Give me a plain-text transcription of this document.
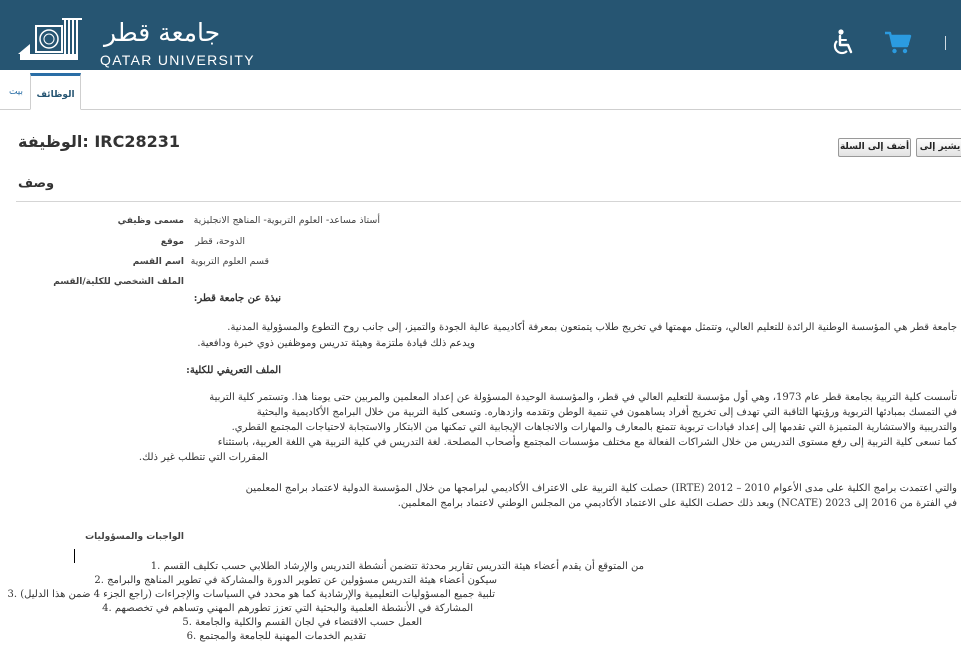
جامعة قطر
QATAR UNIVERSITY
بيت	الوظائف
الوظيفة: IRC28231	أضف إلى السلة	يشير إلى
وصف
مسمى وظيفي أستاذ مساعد- العلوم التربوية- المناهج الانجليزية
موقع الدوحة، قطر
اسم القسم قسم العلوم التربوية
الملف الشخصي للكلية/القسم
نبذة عن جامعة قطر:
جامعة قطر هي المؤسسة الوطنية الرائدة للتعليم العالي، وتتمثل مهمتها في تخريج طلاب يتمتعون بمعرفة أكاديمية عالية الجودة والتميز، إلى جانب روح التطوع والمسؤولية المدنية.
ويدعم ذلك قيادة ملتزمة وهيئة تدريس وموظفين ذوي خبرة ودافعية.
الملف التعريفي للكلية:
تأسست كلية التربية بجامعة قطر عام 1973، وهي أول مؤسسة للتعليم العالي في قطر، والمؤسسة الوحيدة المسؤولة عن إعداد المعلمين والمربين حتى يومنا هذا. وتستمر كلية التربية
في التمسك بمبادئها التربوية ورؤيتها الثاقبة التي تهدف إلى تخريج أفراد يساهمون في تنمية الوطن وتقدمه وازدهاره. وتسعى كلية التربية من خلال البرامج الأكاديمية والبحثية
والتدريبية والاستشارية المتميزة التي تقدمها إلى إعداد قيادات تربوية تتمتع بالمعارف والمهارات والاتجاهات الإيجابية التي تمكنها من الابتكار والاستجابة لاحتياجات المجتمع القطري.
كما تسعى كلية التربية إلى رفع مستوى التدريس من خلال الشراكات الفعالة مع مختلف مؤسسات المجتمع وأصحاب المصلحة. لغة التدريس في كلية التربية هي اللغة العربية، باستثناء
المقررات التي تتطلب غير ذلك.
والتي اعتمدت برامج الكلية على مدى الأعوام 2010 – 2012 (IRTE) حصلت كلية التربية على الاعتراف الأكاديمي لبرامجها من خلال المؤسسة الدولية لاعتماد برامج المعلمين
في الفترة من 2016 إلى 2023 (NCATE) وبعد ذلك حصلت الكلية على الاعتماد الأكاديمي من المجلس الوطني لاعتماد برامج المعلمين.
الواجبات والمسؤوليات
من المتوقع أن يقدم أعضاء هيئة التدريس تقارير محدثة تتضمن أنشطة التدريس والإرشاد الطلابي حسب تكليف القسم .1
سيكون أعضاء هيئة التدريس مسؤولين عن تطوير الدورة والمشاركة في تطوير المناهج والبرامج .2
تلبية جميع المسؤوليات التعليمية والإرشادية كما هو محدد في السياسات والإجراءات (راجع الجزء 4 ضمن هذا الدليل) .3
المشاركة في الأنشطة العلمية والبحثية التي تعزز تطورهم المهني وتساهم في تخصصهم .4
العمل حسب الاقتضاء في لجان القسم والكلية والجامعة .5
تقديم الخدمات المهنية للجامعة والمجتمع .6
